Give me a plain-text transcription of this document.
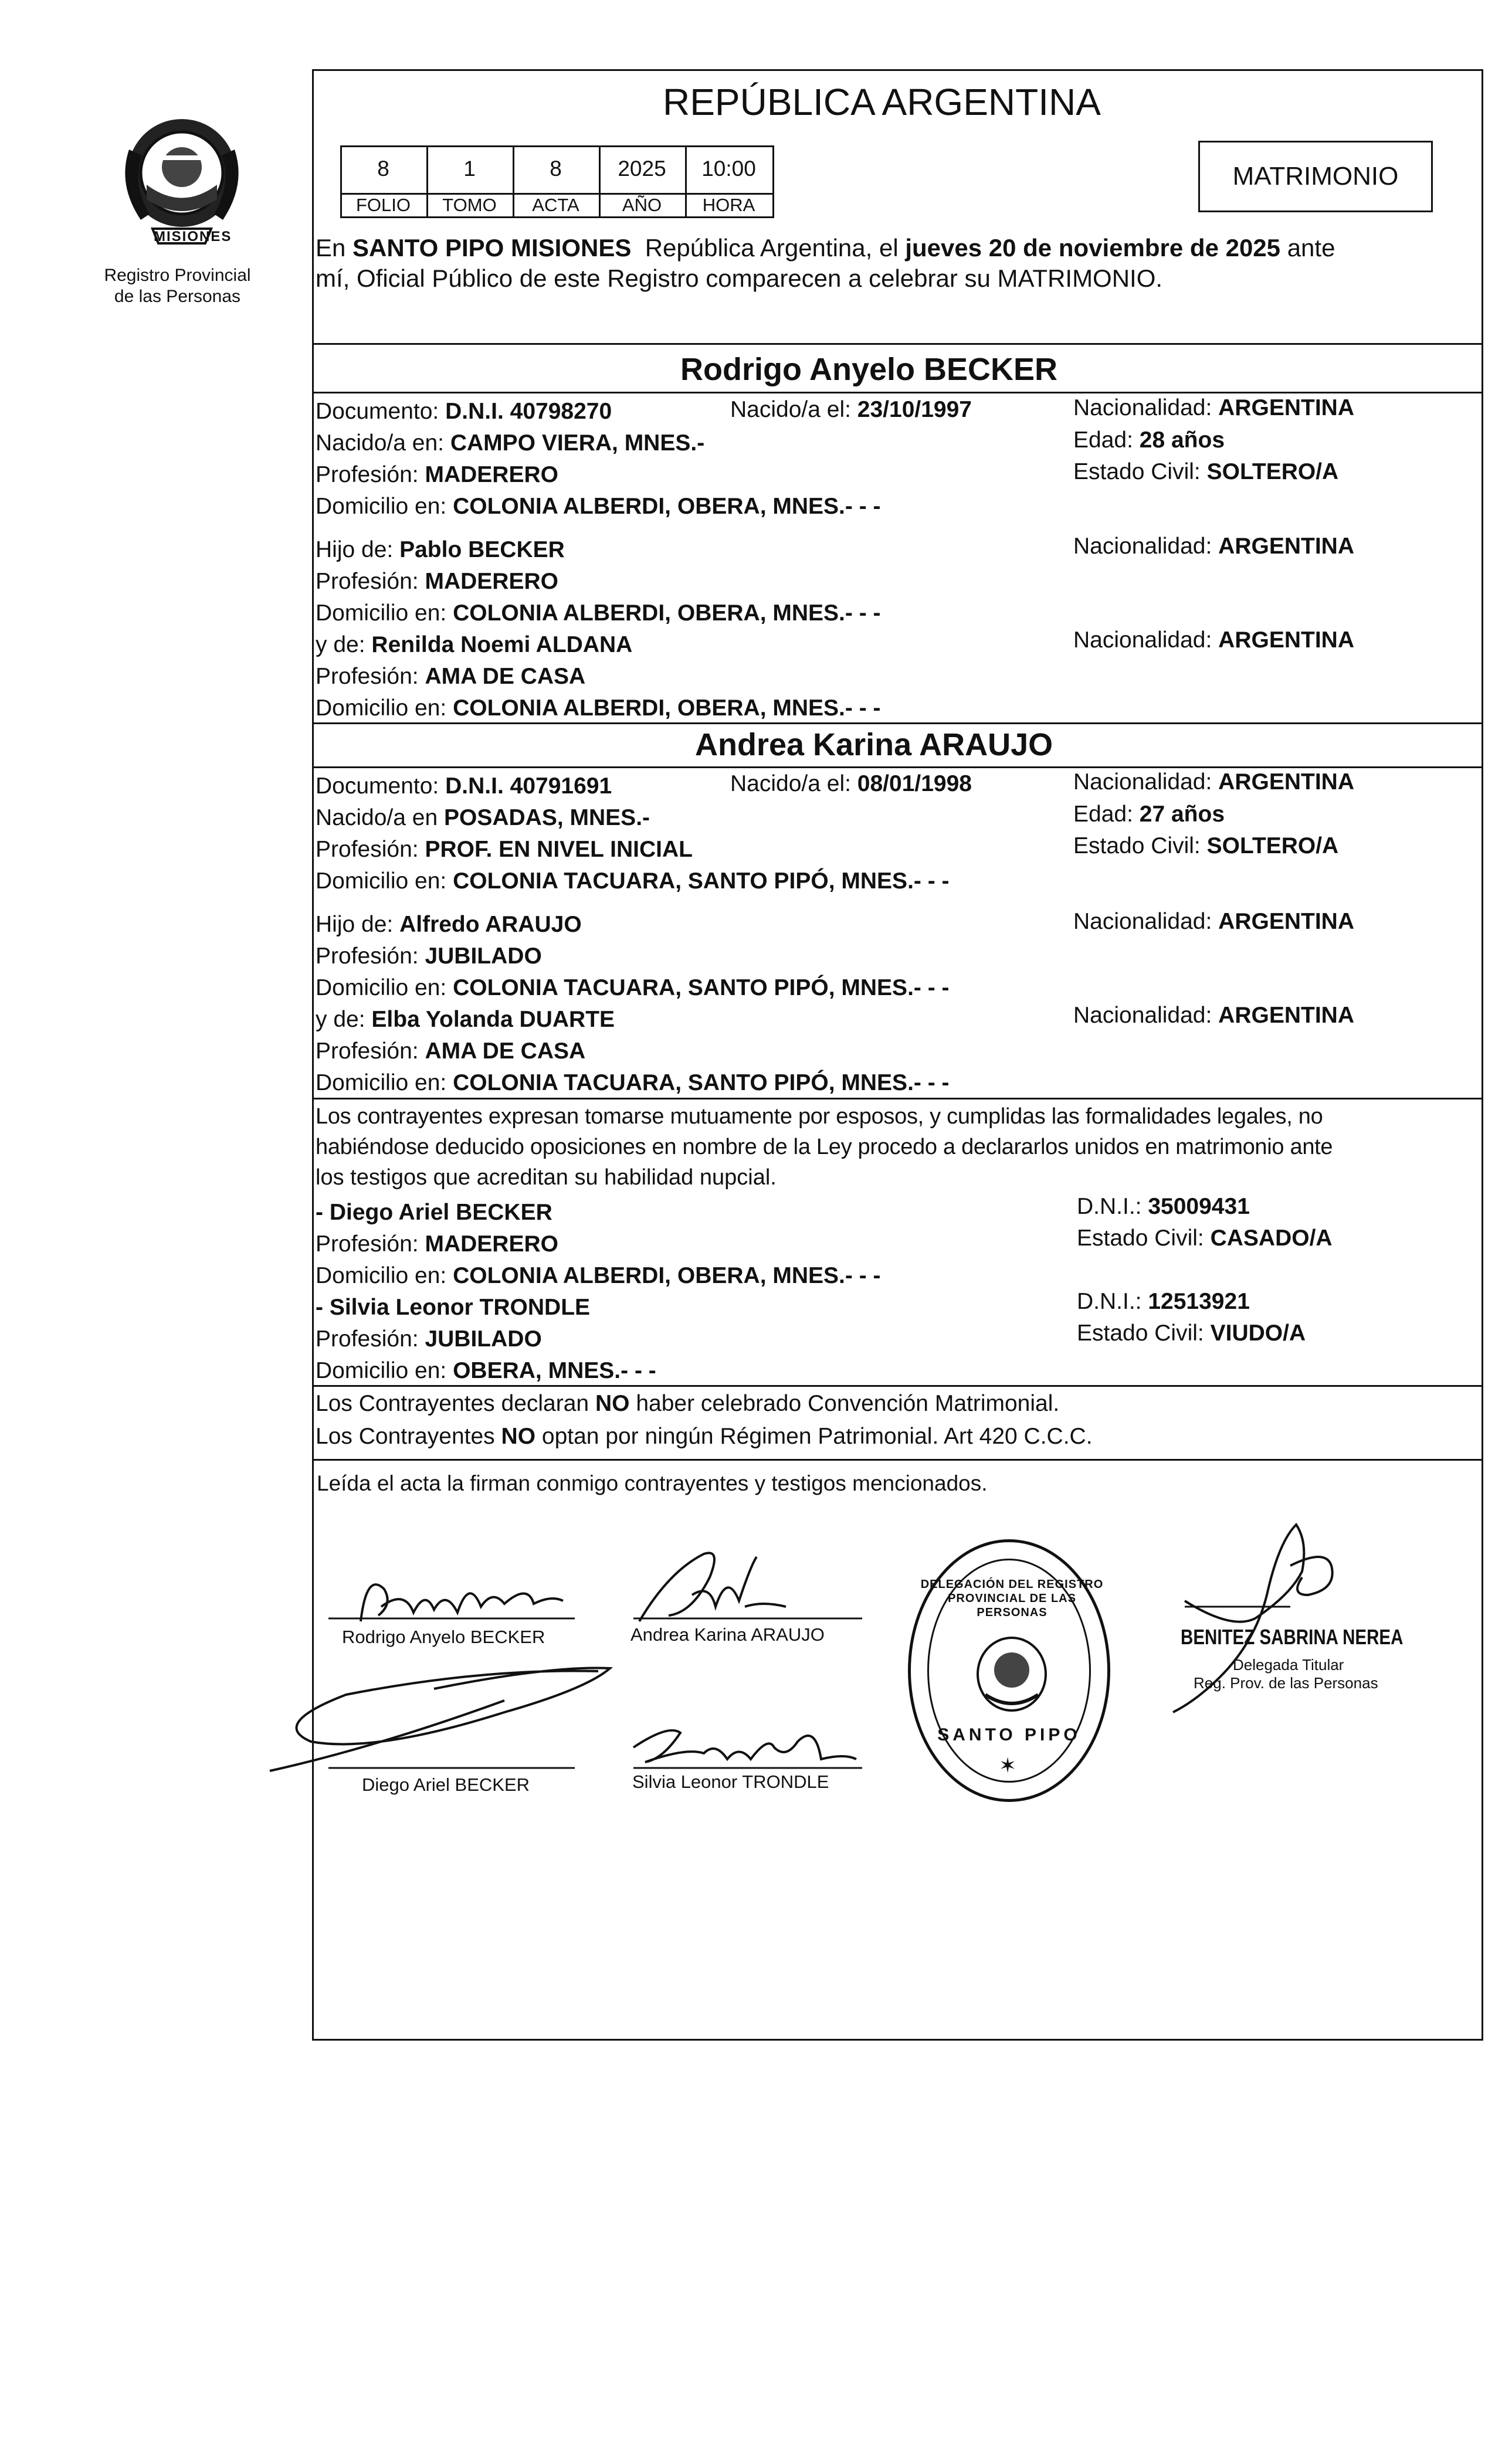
PROVINCIA DE
MISIONES
Registro Provincial
de las Personas
REPÚBLICA ARGENTINA
8	1	8	2025	10:00
FOLIO	TOMO	ACTA	AÑO	HORA
MATRIMONIO
En SANTO PIPO MISIONES República Argentina, el jueves 20 de noviembre de 2025 ante
mí, Oficial Público de este Registro comparecen a celebrar su MATRIMONIO.
Rodrigo Anyelo BECKER
Documento: D.N.I. 40798270	Nacido/a el: 23/10/1997	Nacionalidad: ARGENTINA
Nacido/a en: CAMPO VIERA, MNES.-	Edad: 28 años
Profesión: MADERERO	Estado Civil: SOLTERO/A
Domicilio en: COLONIA ALBERDI, OBERA, MNES.- - -
Hijo de: Pablo BECKER	Nacionalidad: ARGENTINA
Profesión: MADERERO
Domicilio en: COLONIA ALBERDI, OBERA, MNES.- - -
y de: Renilda Noemi ALDANA	Nacionalidad: ARGENTINA
Profesión: AMA DE CASA
Domicilio en: COLONIA ALBERDI, OBERA, MNES.- - -
Andrea Karina ARAUJO
Documento: D.N.I. 40791691	Nacido/a el: 08/01/1998	Nacionalidad: ARGENTINA
Nacido/a en POSADAS, MNES.-	Edad: 27 años
Profesión: PROF. EN NIVEL INICIAL	Estado Civil: SOLTERO/A
Domicilio en: COLONIA TACUARA, SANTO PIPÓ, MNES.- - -
Hijo de: Alfredo ARAUJO	Nacionalidad: ARGENTINA
Profesión: JUBILADO
Domicilio en: COLONIA TACUARA, SANTO PIPÓ, MNES.- - -
y de: Elba Yolanda DUARTE	Nacionalidad: ARGENTINA
Profesión: AMA DE CASA
Domicilio en: COLONIA TACUARA, SANTO PIPÓ, MNES.- - -
Los contrayentes expresan tomarse mutuamente por esposos, y cumplidas las formalidades legales, no
habiéndose deducido oposiciones en nombre de la Ley procedo a declararlos unidos en matrimonio ante
los testigos que acreditan su habilidad nupcial.
- Diego Ariel BECKER	D.N.I.: 35009431
Profesión: MADERERO	Estado Civil: CASADO/A
Domicilio en: COLONIA ALBERDI, OBERA, MNES.- - -
- Silvia Leonor TRONDLE	D.N.I.: 12513921
Profesión: JUBILADO	Estado Civil: VIUDO/A
Domicilio en: OBERA, MNES.- - -
Los Contrayentes declaran NO haber celebrado Convención Matrimonial.
Los Contrayentes NO optan por ningún Régimen Patrimonial. Art 420 C.C.C.
Leída el acta la firman conmigo contrayentes y testigos mencionados.
Rodrigo Anyelo BECKER	Andrea Karina ARAUJO
Diego Ariel BECKER	Silvia Leonor TRONDLE
DELEGACIÓN DEL REGISTRO PROVINCIAL DE LAS PERSONAS
SANTO PIPO
✶
BENITEZ SABRINA NEREA
Delegada Titular
Reg. Prov. de las Personas
